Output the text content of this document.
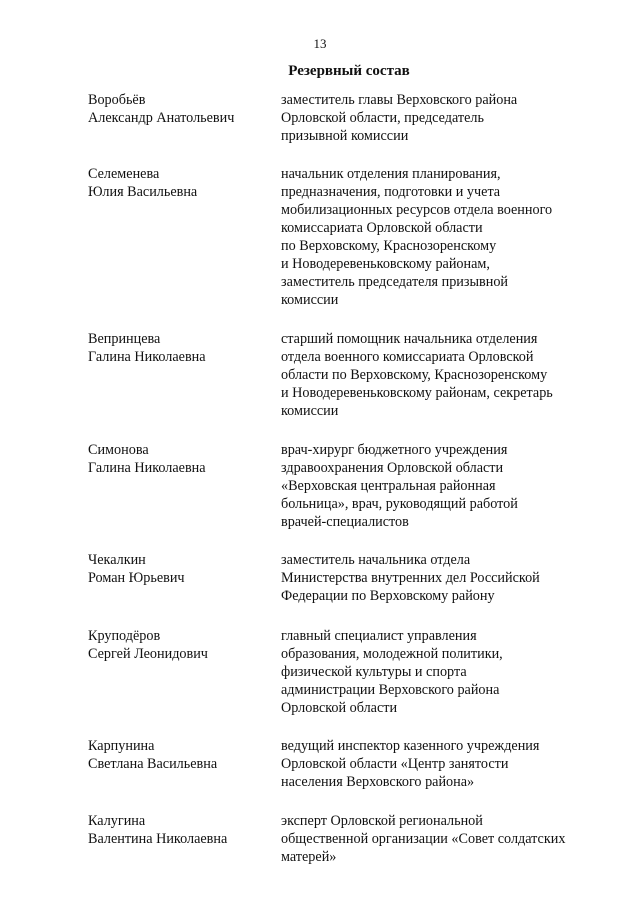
13
Резервный состав
Воробьёв
Александр Анатольевич
заместитель главы Верховского района
Орловской области, председатель
призывной комиссии
Селеменева
Юлия Васильевна
начальник отделения планирования,
предназначения, подготовки и учета
мобилизационных ресурсов отдела военного
комиссариата Орловской области
по Верховскому, Краснозоренскому
и Новодеревеньковскому районам,
заместитель председателя призывной
комиссии
Вепринцева
Галина Николаевна
старший помощник начальника отделения
отдела военного комиссариата Орловской
области по Верховскому, Краснозоренскому
и Новодеревеньковскому районам, секретарь
комиссии
Симонова
Галина Николаевна
врач-хирург бюджетного учреждения
здравоохранения Орловской области
«Верховская центральная районная
больница», врач, руководящий работой
врачей-специалистов
Чекалкин
Роман Юрьевич
заместитель начальника отдела
Министерства внутренних дел Российской
Федерации по Верховскому району
Круподёров
Сергей Леонидович
главный специалист управления
образования, молодежной политики,
физической культуры и спорта
администрации Верховского района
Орловской области
Карпунина
Светлана Васильевна
ведущий инспектор казенного учреждения
Орловской области «Центр занятости
населения Верховского района»
Калугина
Валентина Николаевна
эксперт Орловской региональной
общественной организации «Совет солдатских
матерей»
